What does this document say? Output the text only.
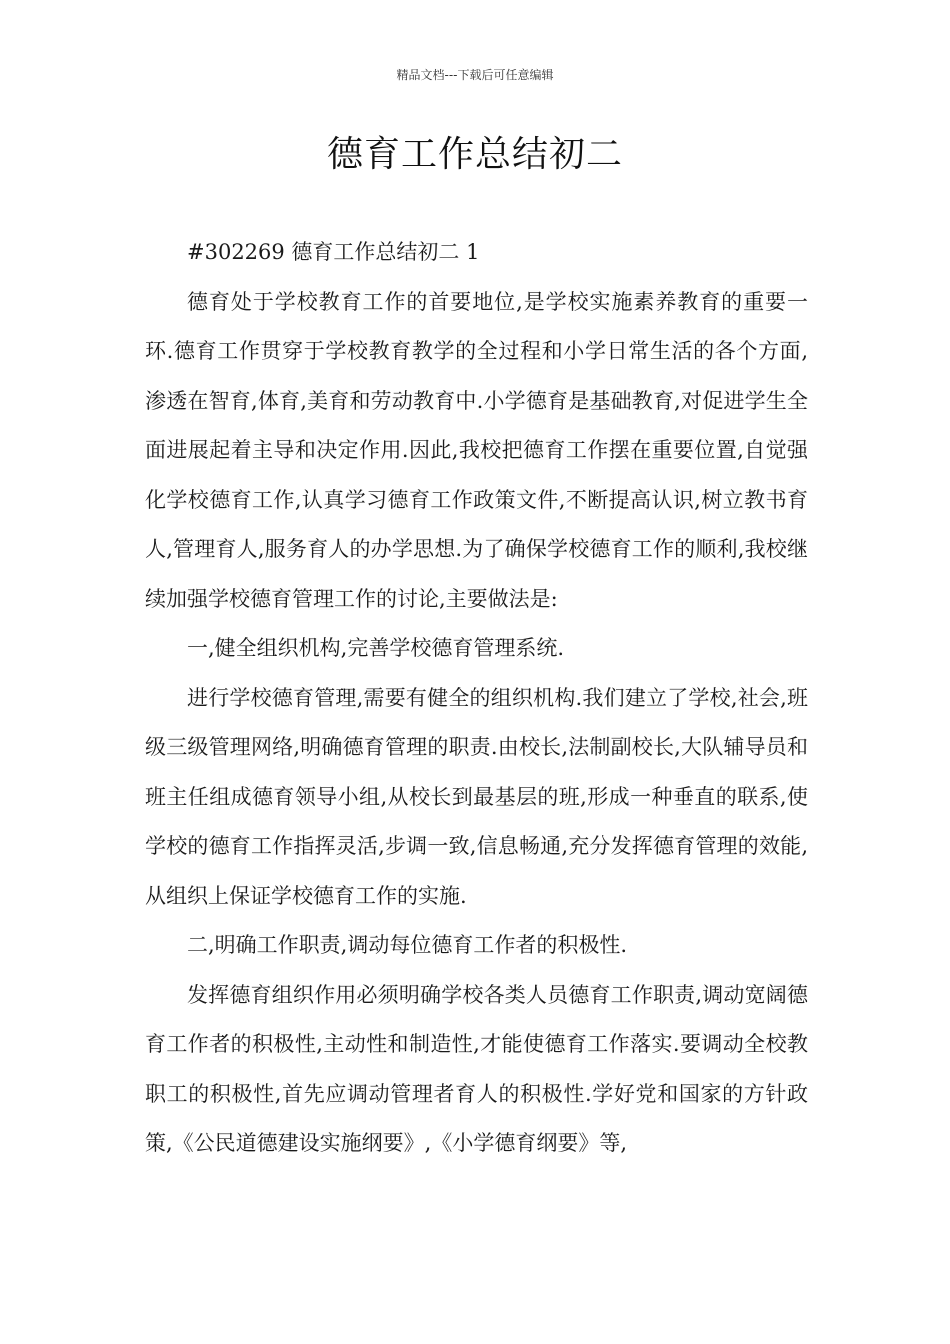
精品文档---下载后可任意编辑
德育工作总结初二

#302269 德育工作总结初二 1

德育处于学校教育工作的首要地位,是学校实施素养教育的重要一环.德育工作贯穿于学校教育教学的全过程和小学日常生活的各个方面,渗透在智育,体育,美育和劳动教育中.小学德育是基础教育,对促进学生全面进展起着主导和决定作用.因此,我校把德育工作摆在重要位置,自觉强化学校德育工作,认真学习德育工作政策文件,不断提高认识,树立教书育人,管理育人,服务育人的办学思想.为了确保学校德育工作的顺利,我校继续加强学校德育管理工作的讨论,主要做法是:

一,健全组织机构,完善学校德育管理系统.

进行学校德育管理,需要有健全的组织机构.我们建立了学校,社会,班级三级管理网络,明确德育管理的职责.由校长,法制副校长,大队辅导员和班主任组成德育领导小组,从校长到最基层的班,形成一种垂直的联系,使学校的德育工作指挥灵活,步调一致,信息畅通,充分发挥德育管理的效能,从组织上保证学校德育工作的实施.

二,明确工作职责,调动每位德育工作者的积极性.

发挥德育组织作用必须明确学校各类人员德育工作职责,调动宽阔德育工作者的积极性,主动性和制造性,才能使德育工作落实.要调动全校教职工的积极性,首先应调动管理者育人的积极性.学好党和国家的方针政策,《公民道德建设实施纲要》,《小学德育纲要》等,
